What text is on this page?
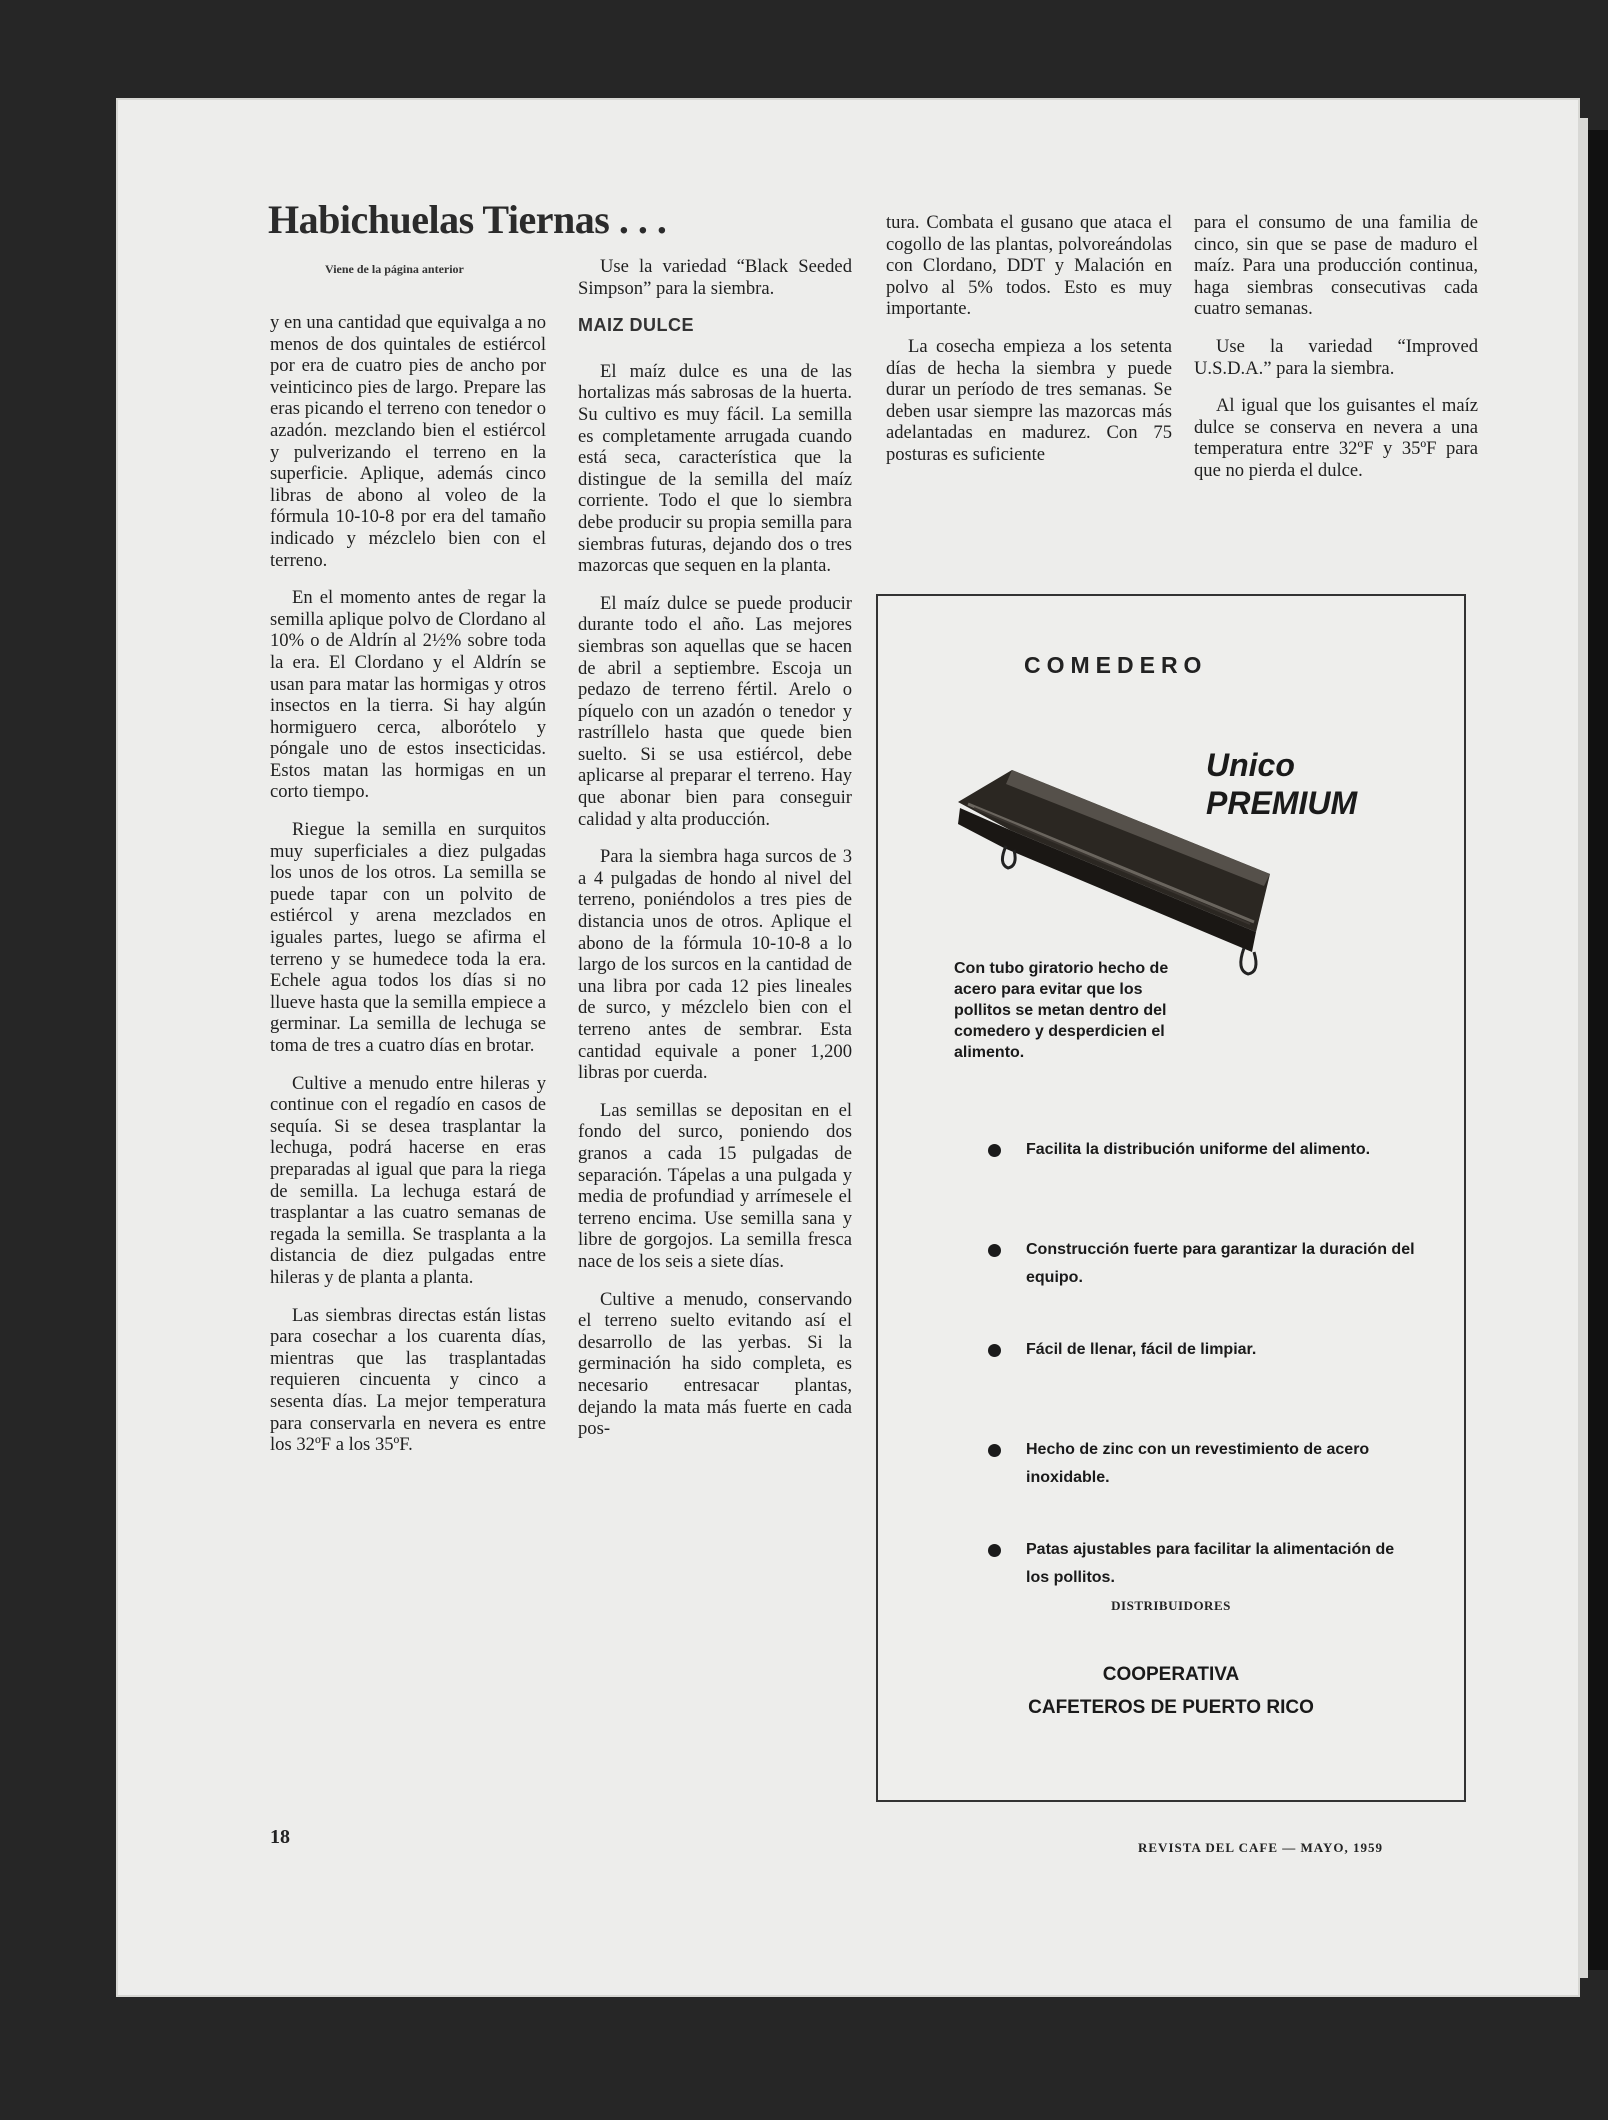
Habichuelas Tiernas . . .
Viene de la página anterior

y en una cantidad que equivalga a no menos de dos quintales de estiércol por era de cuatro pies de ancho por veinticinco pies de largo. Prepare las eras picando el terreno con tenedor o azadón. mezclando bien el estiércol y pulverizando el terreno en la superficie. Aplique, además cinco libras de abono al voleo de la fórmula 10-10-8 por era del tamaño indicado y mézclelo bien con el terreno.

En el momento antes de regar la semilla aplique polvo de Clordano al 10% o de Aldrín al 2½% sobre toda la era. El Clordano y el Aldrín se usan para matar las hormigas y otros insectos en la tierra. Si hay algún hormiguero cerca, alborótelo y póngale uno de estos insecticidas. Estos matan las hormigas en un corto tiempo.

Riegue la semilla en surquitos muy superficiales a diez pulgadas los unos de los otros. La semilla se puede tapar con un polvito de estiércol y arena mezclados en iguales partes, luego se afirma el terreno y se humedece toda la era. Echele agua todos los días si no llueve hasta que la semilla empiece a germinar. La semilla de lechuga se toma de tres a cuatro días en brotar.

Cultive a menudo entre hileras y continue con el regadío en casos de sequía. Si se desea trasplantar la lechuga, podrá hacerse en eras preparadas al igual que para la riega de semilla. La lechuga estará de trasplantar a las cuatro semanas de regada la semilla. Se trasplanta a la distancia de diez pulgadas entre hileras y de planta a planta.

Las siembras directas están listas para cosechar a los cuarenta días, mientras que las trasplantadas requieren cincuenta y cinco a sesenta días. La mejor temperatura para conservarla en nevera es entre los 32ºF a los 35ºF.

Use la variedad “Black Seeded Simpson” para la siembra.

MAIZ DULCE

El maíz dulce es una de las hortalizas más sabrosas de la huerta. Su cultivo es muy fácil. La semilla es completamente arrugada cuando está seca, característica que la distingue de la semilla del maíz corriente. Todo el que lo siembra debe producir su propia semilla para siembras futuras, dejando dos o tres mazorcas que sequen en la planta.

El maíz dulce se puede producir durante todo el año. Las mejores siembras son aquellas que se hacen de abril a septiembre. Escoja un pedazo de terreno fértil. Arelo o píquelo con un azadón o tenedor y rastríllelo hasta que quede bien suelto. Si se usa estiércol, debe aplicarse al preparar el terreno. Hay que abonar bien para conseguir calidad y alta producción.

Para la siembra haga surcos de 3 a 4 pulgadas de hondo al nivel del terreno, poniéndolos a tres pies de distancia unos de otros. Aplique el abono de la fórmula 10-10-8 a lo largo de los surcos en la cantidad de una libra por cada 12 pies lineales de surco, y mézclelo bien con el terreno antes de sembrar. Esta cantidad equivale a poner 1,200 libras por cuerda.

Las semillas se depositan en el fondo del surco, poniendo dos granos a cada 15 pulgadas de separación. Tápelas a una pulgada y media de profundiad y arrímesele el terreno encima. Use semilla sana y libre de gorgojos. La semilla fresca nace de los seis a siete días.

Cultive a menudo, conservando el terreno suelto evitando así el desarrollo de las yerbas. Si la germinación ha sido completa, es necesario entresacar plantas, dejando la mata más fuerte en cada pos-

tura. Combata el gusano que ataca el cogollo de las plantas, polvoreándolas con Clordano, DDT y Malación en polvo al 5% todos. Esto es muy importante.

La cosecha empieza a los setenta días de hecha la siembra y puede durar un período de tres semanas. Se deben usar siempre las mazorcas más adelantadas en madurez. Con 75 posturas es suficiente

para el consumo de una familia de cinco, sin que se pase de maduro el maíz. Para una producción continua, haga siembras consecutivas cada cuatro semanas.

Use la variedad “Improved U.S.D.A.” para la siembra.

Al igual que los guisantes el maíz dulce se conserva en nevera a una temperatura entre 32ºF y 35ºF para que no pierda el dulce.

COMEDERO
Unico
PREMIUM
Con tubo giratorio hecho de acero para evitar que los pollitos se metan dentro del comedero y desperdicien el alimento.
Facilita la distribución uniforme del alimento.
Construcción fuerte para garantizar la duración del equipo.
Fácil de llenar, fácil de limpiar.
Hecho de zinc con un revestimiento de acero inoxidable.
Patas ajustables para facilitar la alimentación de los pollitos.
DISTRIBUIDORES
COOPERATIVA
CAFETEROS DE PUERTO RICO
18	REVISTA DEL CAFE — MAYO, 1959
